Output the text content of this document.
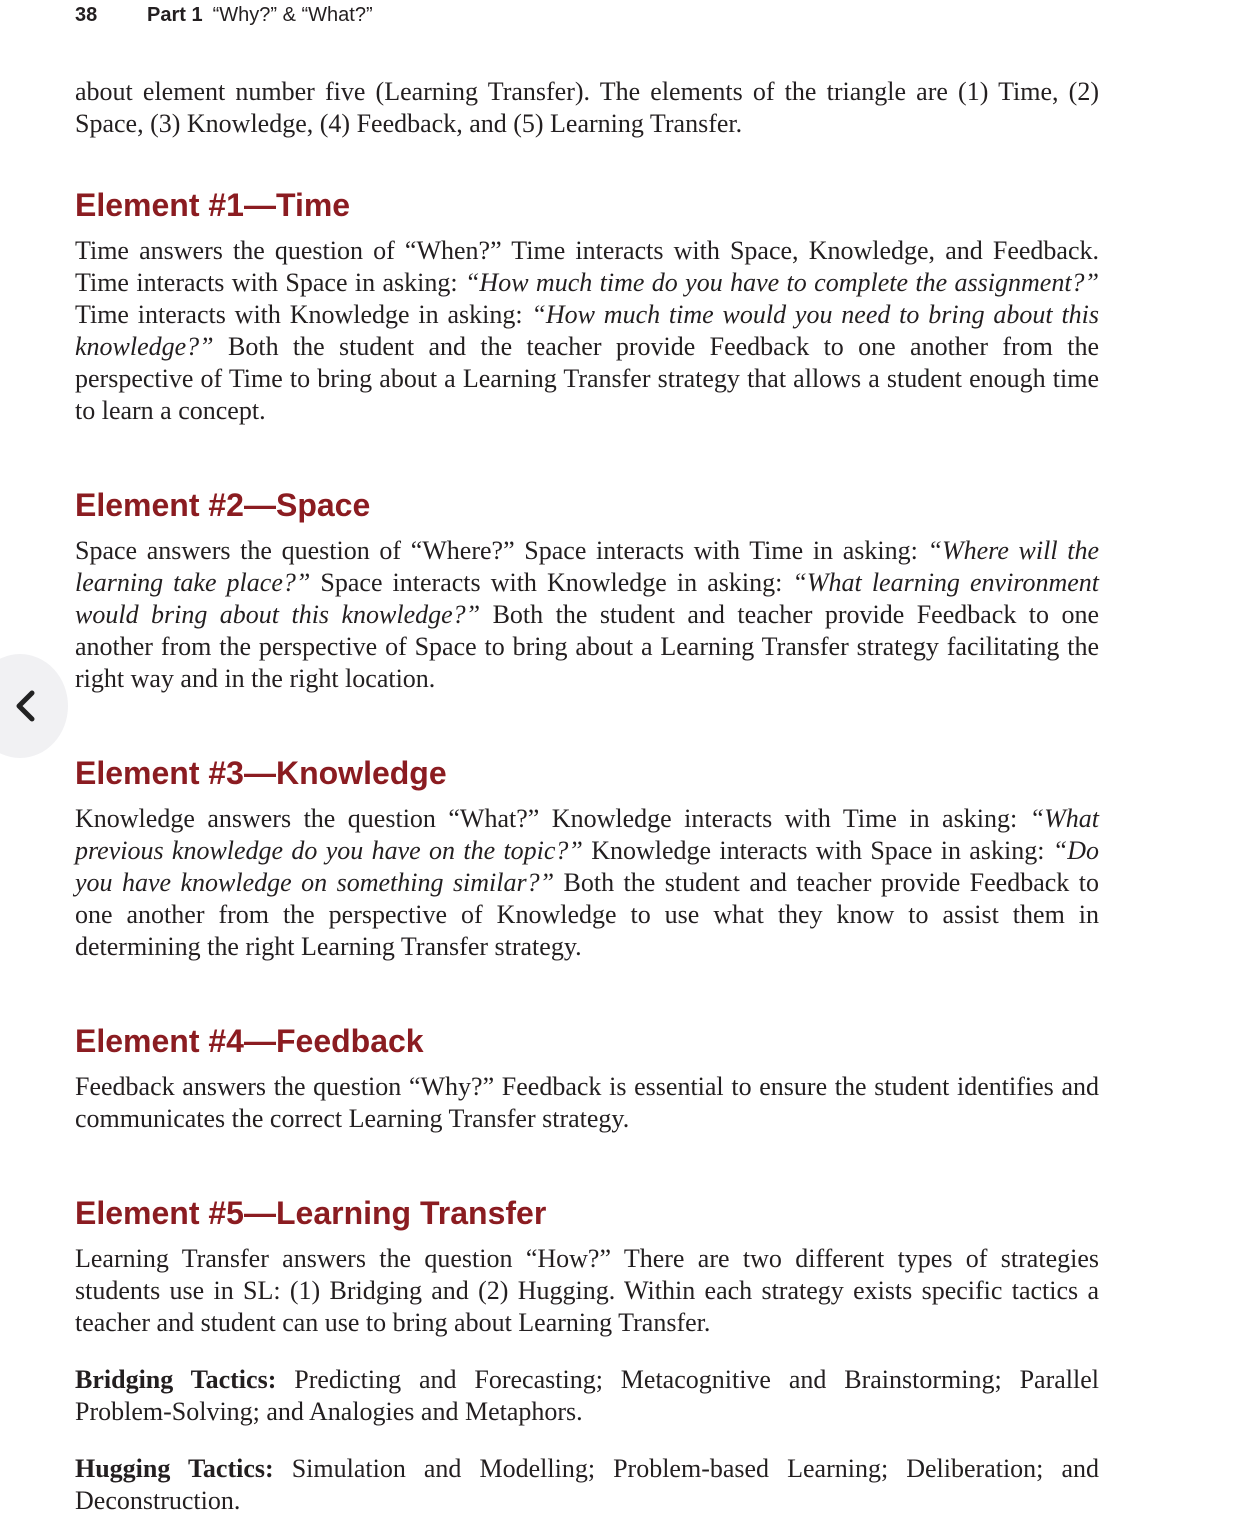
38 Part 1 “Why?” & “What?”

about element number five (Learning Transfer). The elements of the triangle are (1) Time, (2) Space, (3) Knowledge, (4) Feedback, and (5) Learning Transfer.

Element #1—Time

Time answers the question of “When?” Time interacts with Space, Knowledge, and Feedback. Time interacts with Space in asking: “How much time do you have to complete the assignment?” Time interacts with Knowledge in asking: “How much time would you need to bring about this knowledge?” Both the student and the teacher provide Feedback to one another from the perspective of Time to bring about a Learning Transfer strategy that allows a student enough time to learn a concept.

Element #2—Space

Space answers the question of “Where?” Space interacts with Time in asking: “Where will the learning take place?” Space interacts with Knowledge in asking: “What learning environment would bring about this knowledge?” Both the student and teacher provide Feedback to one another from the perspective of Space to bring about a Learning Transfer strategy facilitating the right way and in the right location.

Element #3—Knowledge

Knowledge answers the question “What?” Knowledge interacts with Time in asking: “What previous knowledge do you have on the topic?” Knowledge interacts with Space in asking: “Do you have knowledge on something similar?” Both the student and teacher provide Feedback to one another from the perspective of Knowledge to use what they know to assist them in determining the right Learning Transfer strategy.

Element #4—Feedback

Feedback answers the question “Why?” Feedback is essential to ensure the student identifies and communicates the correct Learning Transfer strategy.

Element #5—Learning Transfer

Learning Transfer answers the question “How?” There are two different types of strategies students use in SL: (1) Bridging and (2) Hugging. Within each strategy exists specific tactics a teacher and student can use to bring about Learning Transfer.

Bridging Tactics: Predicting and Forecasting; Metacognitive and Brainstorming; Parallel Problem-Solving; and Analogies and Metaphors.

Hugging Tactics: Simulation and Modelling; Problem-based Learning; Deliberation; and Deconstruction.
